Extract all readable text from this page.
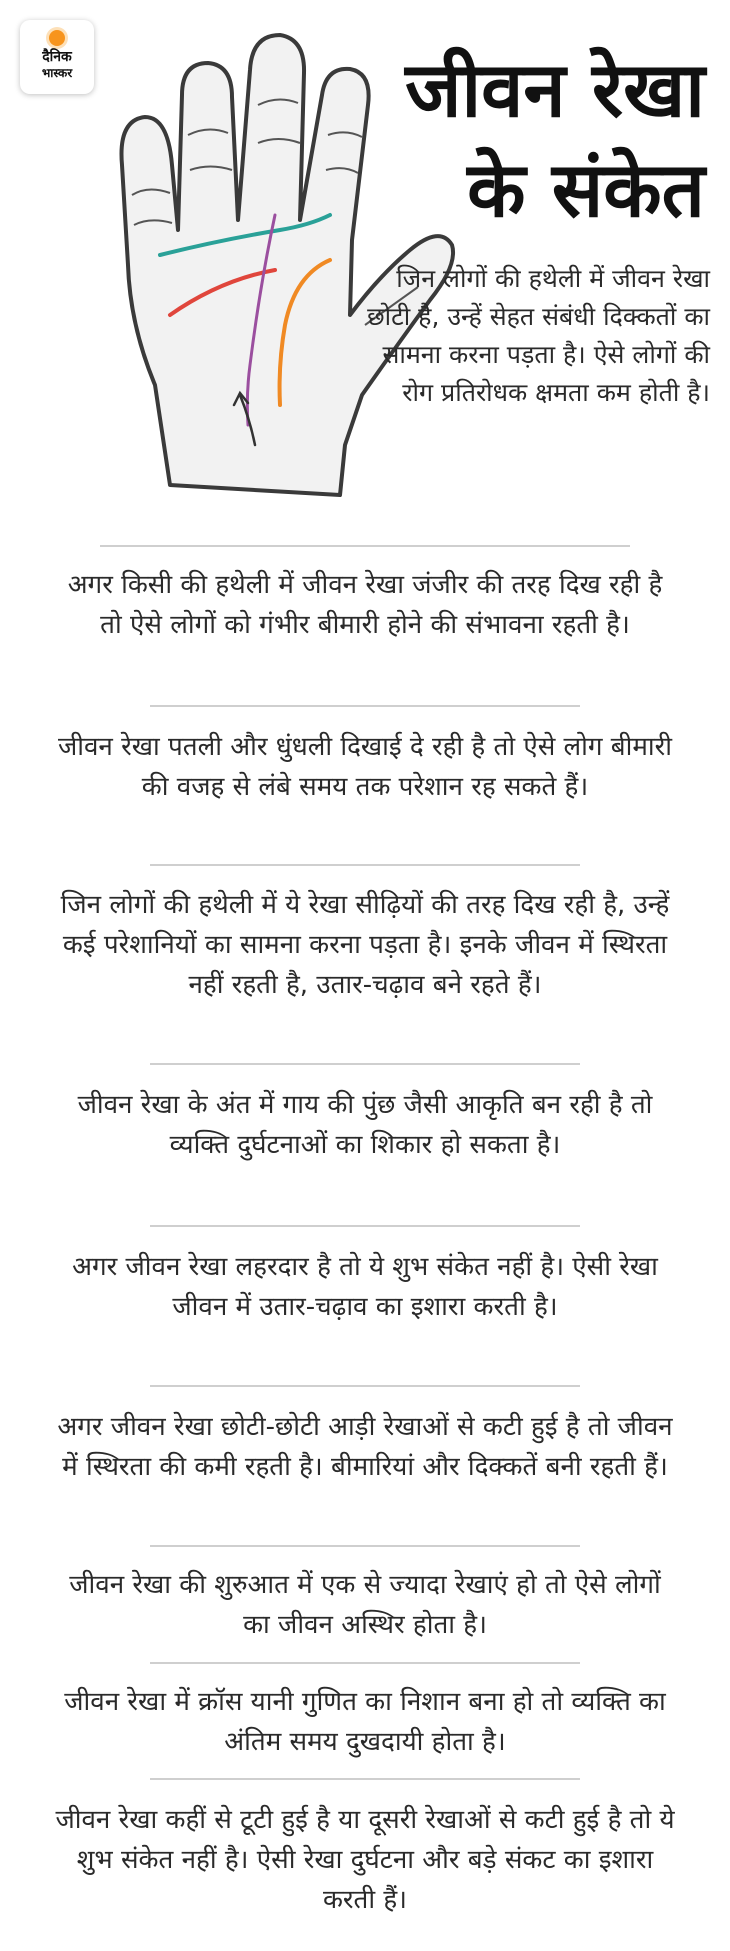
दैनिक
भास्कर	जीवन रेखा
के संकेत

जिन लोगों की हथेली में जीवन रेखा छोटी है, उन्हें सेहत संबंधी दिक्कतों का सामना करना पड़ता है। ऐसे लोगों की रोग प्रतिरोधक क्षमता कम होती है।

अगर किसी की हथेली में जीवन रेखा जंजीर की तरह दिख रही है तो ऐसे लोगों को गंभीर बीमारी होने की संभावना रहती है।

जीवन रेखा पतली और धुंधली दिखाई दे रही है तो ऐसे लोग बीमारी की वजह से लंबे समय तक परेशान रह सकते हैं।

जिन लोगों की हथेली में ये रेखा सीढ़ियों की तरह दिख रही है, उन्हें कई परेशानियों का सामना करना पड़ता है। इनके जीवन में स्थिरता नहीं रहती है, उतार-चढ़ाव बने रहते हैं।

जीवन रेखा के अंत में गाय की पुंछ जैसी आकृति बन रही है तो व्यक्ति दुर्घटनाओं का शिकार हो सकता है।

अगर जीवन रेखा लहरदार है तो ये शुभ संकेत नहीं है। ऐसी रेखा जीवन में उतार-चढ़ाव का इशारा करती है।

अगर जीवन रेखा छोटी-छोटी आड़ी रेखाओं से कटी हुई है तो जीवन में स्थिरता की कमी रहती है। बीमारियां और दिक्कतें बनी रहती हैं।

जीवन रेखा की शुरुआत में एक से ज्यादा रेखाएं हो तो ऐसे लोगों का जीवन अस्थिर होता है।

जीवन रेखा में क्रॉस यानी गुणित का निशान बना हो तो व्यक्ति का अंतिम समय दुखदायी होता है।

जीवन रेखा कहीं से टूटी हुई है या दूसरी रेखाओं से कटी हुई है तो ये शुभ संकेत नहीं है। ऐसी रेखा दुर्घटना और बड़े संकट का इशारा करती हैं।
